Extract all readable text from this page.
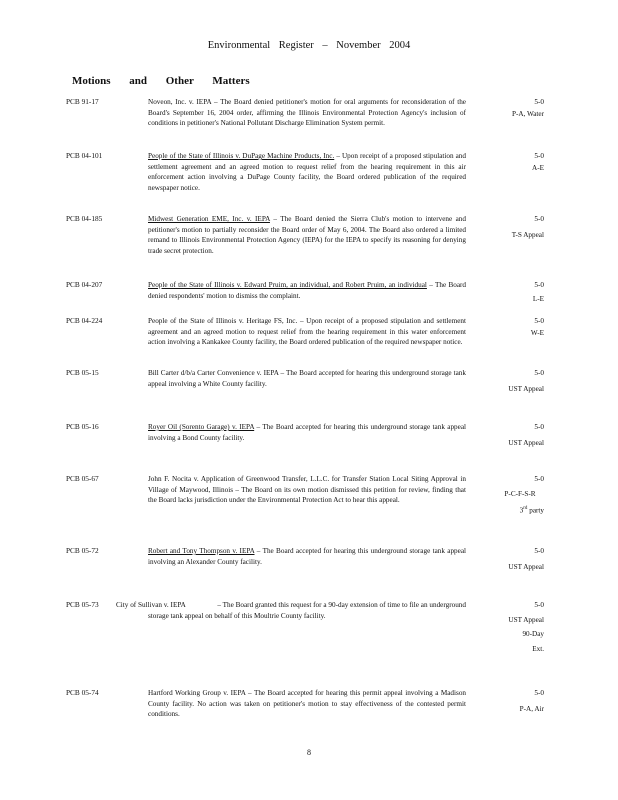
Environmental Register – November 2004
Motions and Other Matters
PCB 91-17	Noveon, Inc. v. IEPA – The Board denied petitioner's motion for oral arguments for reconsideration of the Board's September 16, 2004 order, affirming the Illinois Environmental Protection Agency's inclusion of conditions in petitioner's National Pollutant Discharge Elimination System permit.

5-0
P-A, Water
PCB 04-101	People of the State of Illinois v. DuPage Machine Products, Inc. – Upon receipt of a proposed stipulation and settlement agreement and an agreed motion to request relief from the hearing requirement in this air enforcement action involving a DuPage County facility, the Board ordered publication of the required newspaper notice.

5-0
A-E
PCB 04-185	Midwest Generation EME, Inc. v. IEPA – The Board denied the Sierra Club's motion to intervene and petitioner's motion to partially reconsider the Board order of May 6, 2004. The Board also ordered a limited remand to Illinois Environmental Protection Agency (IEPA) for the IEPA to specify its reasoning for denying trade secret protection.

5-0
T-S Appeal
PCB 04-207	People of the State of Illinois v. Edward Pruim, an individual, and Robert Pruim, an individual – The Board denied respondents' motion to dismiss the complaint.

5-0
L-E
PCB 04-224	People of the State of Illinois v. Heritage FS, Inc. – Upon receipt of a proposed stipulation and settlement agreement and an agreed motion to request relief from the hearing requirement in this water enforcement action involving a Kankakee County facility, the Board ordered publication of the required newspaper notice.

5-0
W-E
PCB 05-15	Bill Carter d/b/a Carter Convenience v. IEPA – The Board accepted for hearing this underground storage tank appeal involving a White County facility.

5-0
UST Appeal
PCB 05-16	Royer Oil (Sorento Garage) v. IEPA – The Board accepted for hearing this underground storage tank appeal involving a Bond County facility.

5-0
UST Appeal
PCB 05-67	John F. Nocita v. Application of Greenwood Transfer, L.L.C. for Transfer Station Local Siting Approval in Village of Maywood, Illinois – The Board on its own motion dismissed this petition for review, finding that the Board lacks jurisdiction under the Environmental Protection Act to hear this appeal.

5-0
P-C-F-S-R
3rd party
PCB 05-72	Robert and Tony Thompson v. IEPA – The Board accepted for hearing this underground storage tank appeal involving an Alexander County facility.

5-0
UST Appeal
PCB 05-73 City of Sullivan v. IEPA	– The Board granted this request for a 90-day extension of time to file an underground storage tank appeal on behalf of this Moultrie County facility.

5-0
UST Appeal
90-Day
Ext.
PCB 05-74	Hartford Working Group v. IEPA – The Board accepted for hearing this permit appeal involving a Madison County facility. No action was taken on petitioner's motion to stay effectiveness of the contested permit conditions.

5-0
P-A, Air
8
